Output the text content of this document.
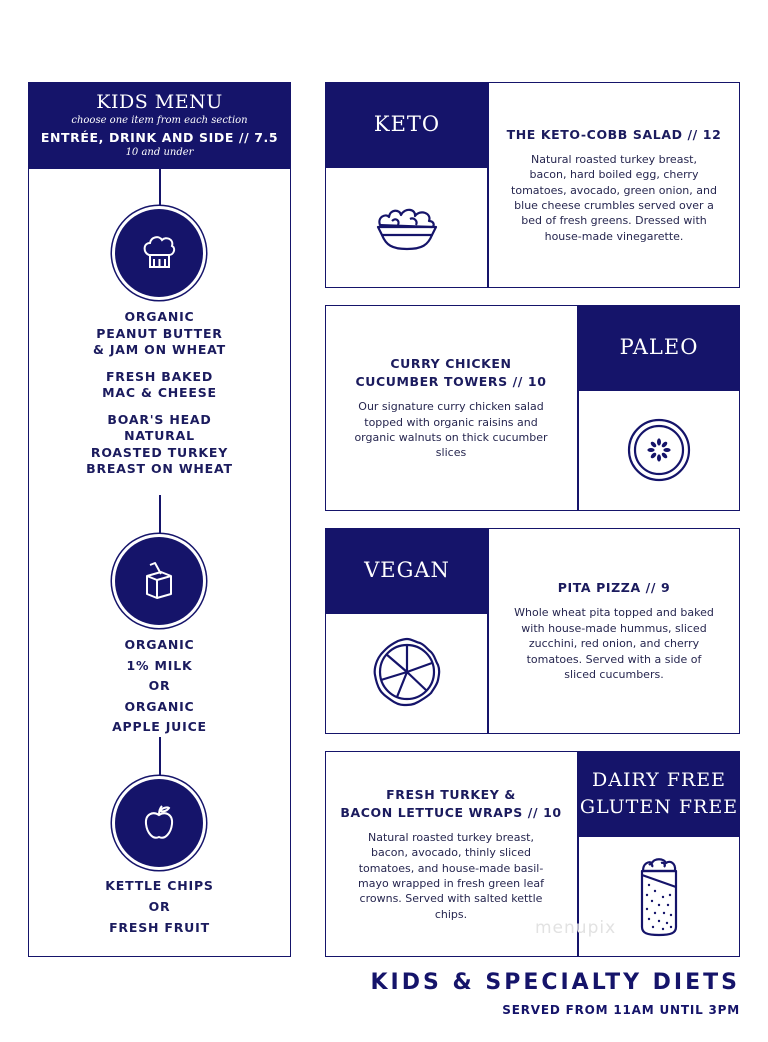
KIDS MENU
choose one item from each section
ENTRÉE, DRINK AND SIDE // 7.5
10 and under
ORGANIC
PEANUT BUTTER
& JAM ON WHEAT
FRESH BAKED
MAC & CHEESE
BOAR'S HEAD
NATURAL
ROASTED TURKEY
BREAST ON WHEAT
ORGANIC
1% MILK
OR
ORGANIC
APPLE JUICE
KETTLE CHIPS
OR
FRESH FRUIT
KETO	THE KETO-COBB SALAD // 12
Natural roasted turkey breast, bacon, hard boiled egg, cherry tomatoes, avocado, green onion, and blue cheese crumbles served over a bed of fresh greens. Dressed with house-made vinegarette.
CURRY CHICKEN
CUCUMBER TOWERS // 10
Our signature curry chicken salad topped with organic raisins and organic walnuts on thick cucumber slices
PALEO
VEGAN
PITA PIZZA // 9
Whole wheat pita topped and baked with house-made hummus, sliced zucchini, red onion, and cherry tomatoes. Served with a side of sliced cucumbers.
FRESH TURKEY &
BACON LETTUCE WRAPS // 10
Natural roasted turkey breast, bacon, avocado, thinly sliced tomatoes, and house-made basil-mayo wrapped in fresh green leaf crowns. Served with salted kettle chips.
DAIRY FREE
GLUTEN FREE
menupix
KIDS & SPECIALTY DIETS
SERVED FROM 11AM UNTIL 3PM
